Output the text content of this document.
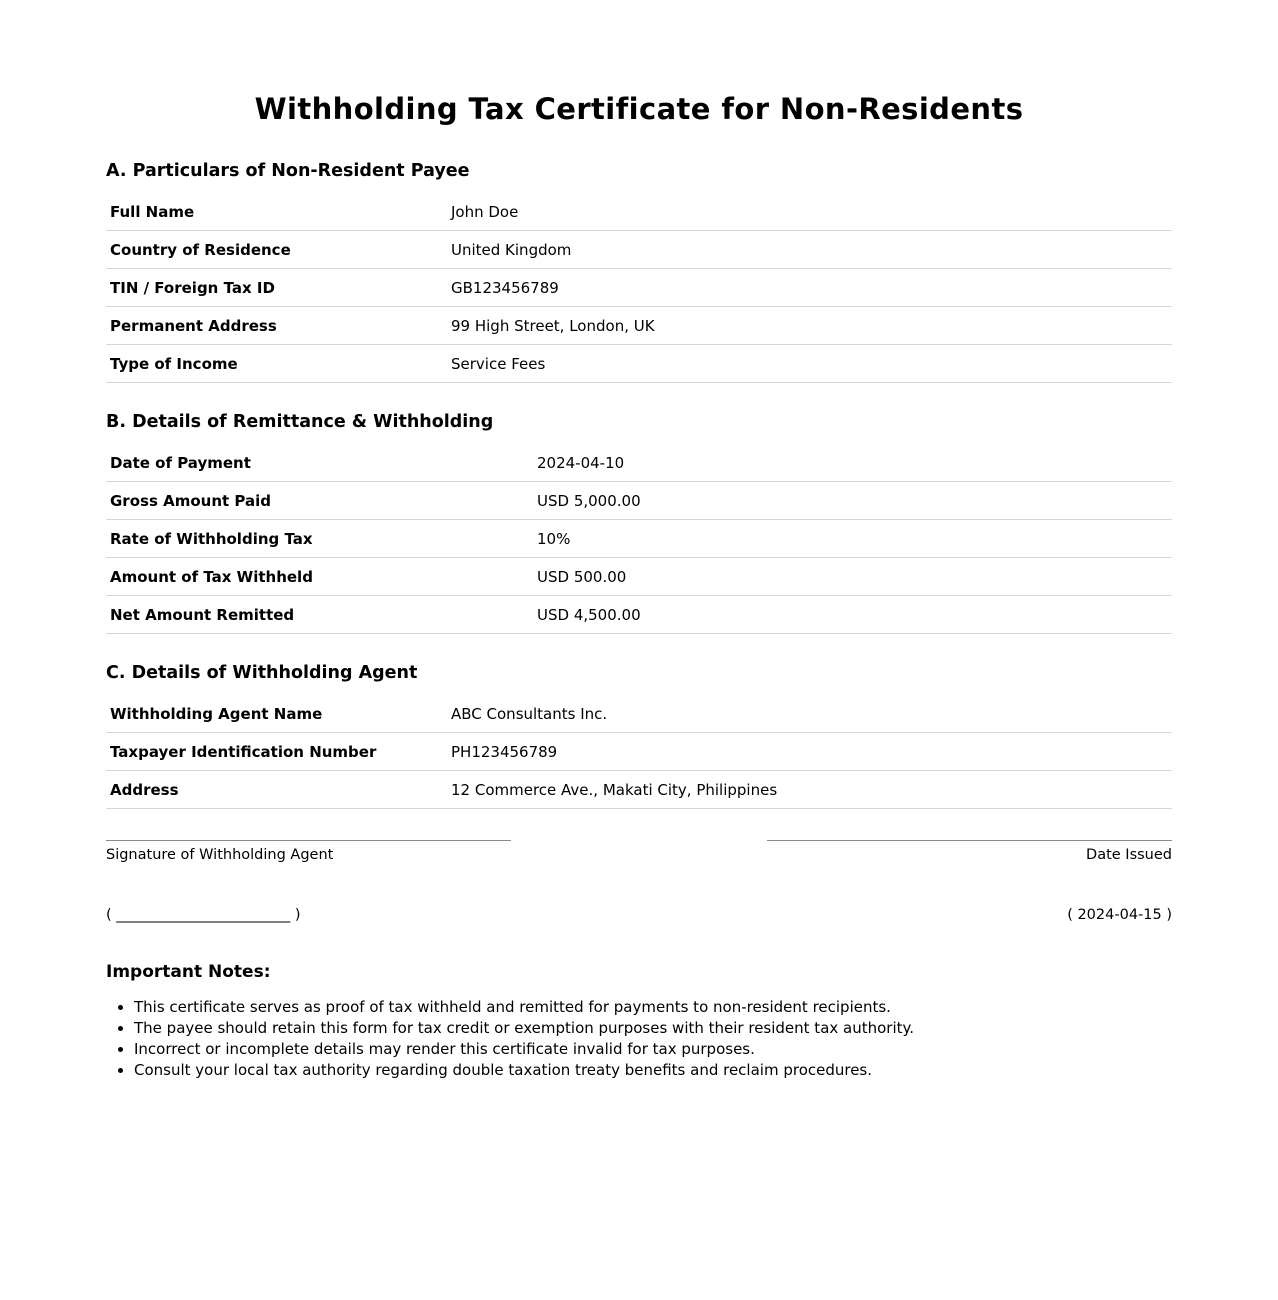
Withholding Tax Certificate for Non-Residents
A. Particulars of Non-Resident Payee
Full Name	John Doe
Country of Residence	United Kingdom
TIN / Foreign Tax ID	GB123456789
Permanent Address	99 High Street, London, UK
Type of Income	Service Fees
B. Details of Remittance & Withholding
Date of Payment	2024-04-10
Gross Amount Paid	USD 5,000.00
Rate of Withholding Tax	10%
Amount of Tax Withheld	USD 500.00
Net Amount Remitted	USD 4,500.00
C. Details of Withholding Agent
Withholding Agent Name	ABC Consultants Inc.
Taxpayer Identification Number	PH123456789
Address	12 Commerce Ave., Makati City, Philippines
Signature of Withholding Agent	Date Issued
( ________________________ )	( 2024-04-15 )
Important Notes:
• This certificate serves as proof of tax withheld and remitted for payments to non-resident recipients.
• The payee should retain this form for tax credit or exemption purposes with their resident tax authority.
• Incorrect or incomplete details may render this certificate invalid for tax purposes.
• Consult your local tax authority regarding double taxation treaty benefits and reclaim procedures.
